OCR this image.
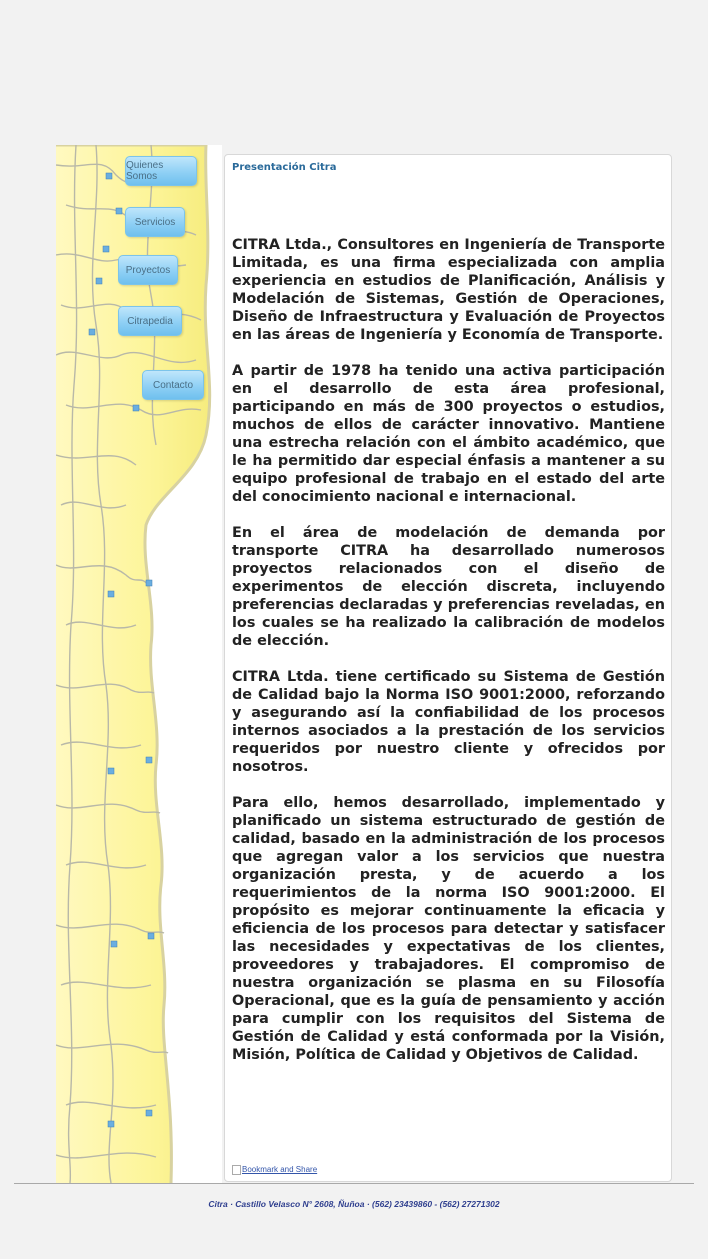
Quienes Somos
Servicios
Proyectos
Citrapedia
Contacto
Presentación Citra

CITRA Ltda., Consultores en Ingeniería de Transporte Limitada, es una firma especializada con amplia experiencia en estudios de Planificación, Análisis y Modelación de Sistemas, Gestión de Operaciones, Diseño de Infraestructura y Evaluación de Proyectos en las áreas de Ingeniería y Economía de Transporte.

A partir de 1978 ha tenido una activa participación en el desarrollo de esta área profesional, participando en más de 300 proyectos o estudios, muchos de ellos de carácter innovativo. Mantiene una estrecha relación con el ámbito académico, que le ha permitido dar especial énfasis a mantener a su equipo profesional de trabajo en el estado del arte del conocimiento nacional e internacional.

En el área de modelación de demanda por transporte CITRA ha desarrollado numerosos proyectos relacionados con el diseño de experimentos de elección discreta, incluyendo preferencias declaradas y preferencias reveladas, en los cuales se ha realizado la calibración de modelos de elección.

CITRA Ltda. tiene certificado su Sistema de Gestión de Calidad bajo la Norma ISO 9001:2000, reforzando y asegurando así la confiabilidad de los procesos internos asociados a la prestación de los servicios requeridos por nuestro cliente y ofrecidos por nosotros.

Para ello, hemos desarrollado, implementado y planificado un sistema estructurado de gestión de calidad, basado en la administración de los procesos que agregan valor a los servicios que nuestra organización presta, y de acuerdo a los requerimientos de la norma ISO 9001:2000. El propósito es mejorar continuamente la eficacia y eficiencia de los procesos para detectar y satisfacer las necesidades y expectativas de los clientes, proveedores y trabajadores. El compromiso de nuestra organización se plasma en su Filosofía Operacional, que es la guía de pensamiento y acción para cumplir con los requisitos del Sistema de Gestión de Calidad y está conformada por la Visión, Misión, Política de Calidad y Objetivos de Calidad.

Bookmark and Share
Citra · Castillo Velasco N° 2608, Ñuñoa · (562) 23439860 - (562) 27271302
